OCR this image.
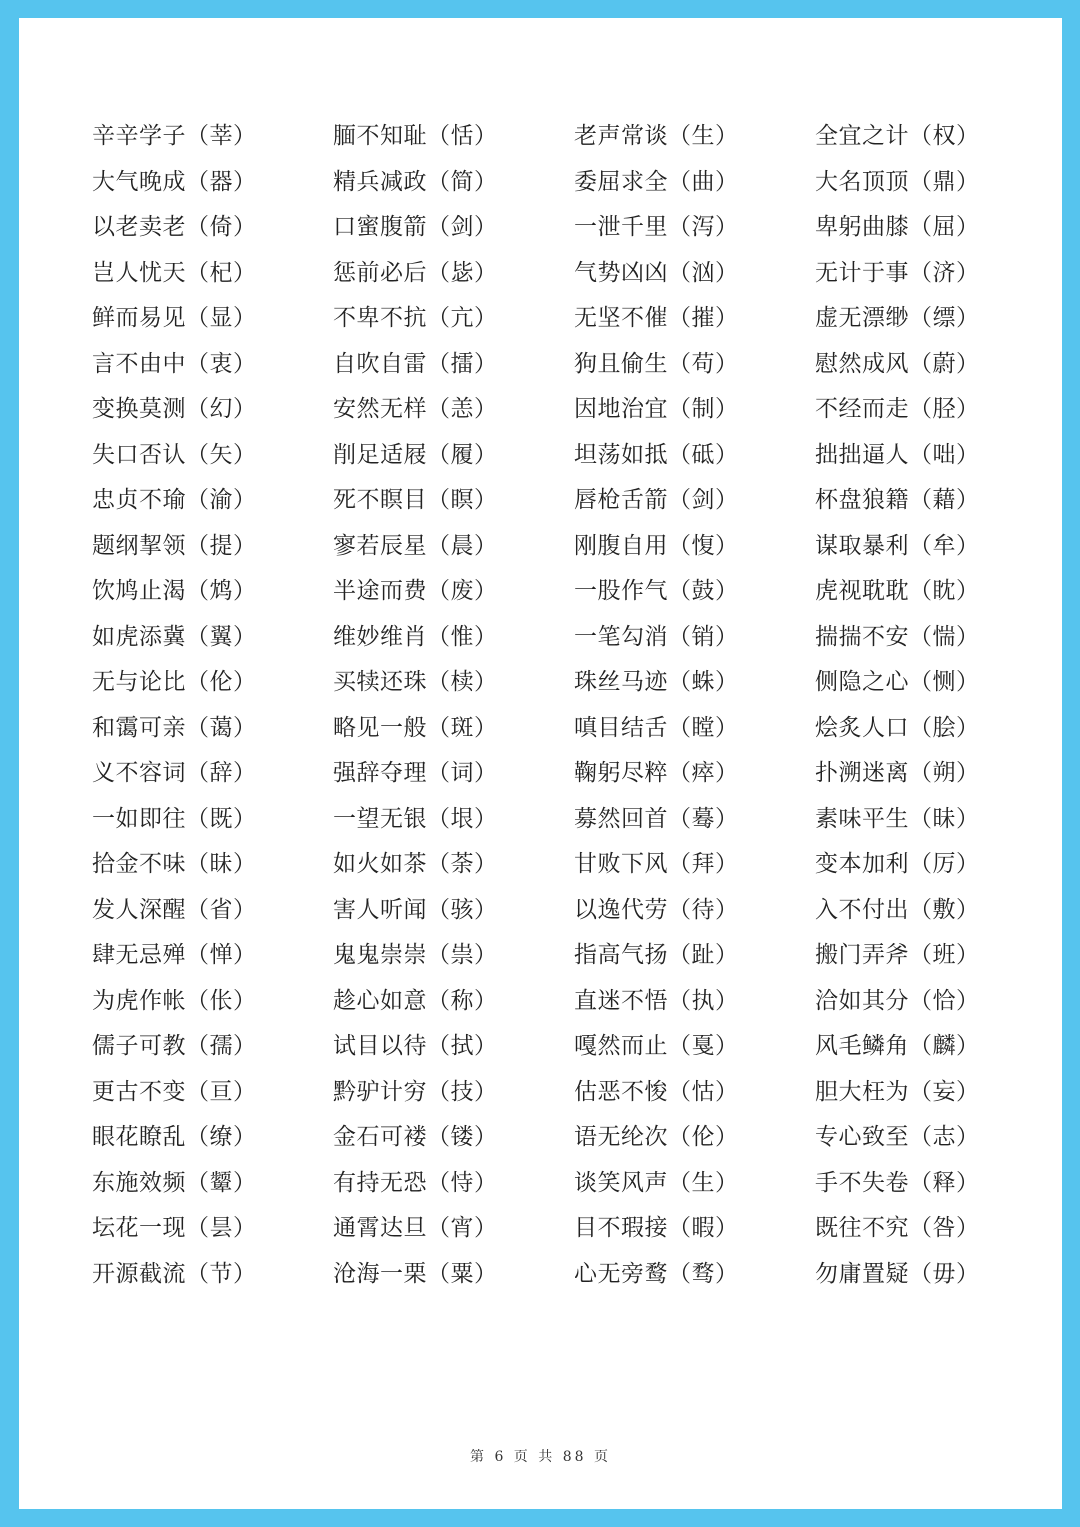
辛辛学子（莘）	腼不知耻（恬）	老声常谈（生）	全宜之计（权）
大气晚成（器）	精兵减政（简）	委屈求全（曲）	大名顶顶（鼎）
以老卖老（倚）	口蜜腹箭（剑）	一泄千里（泻）	卑躬曲膝（屈）
岂人忧天（杞）	惩前必后（毖）	气势凶凶（汹）	无计于事（济）
鲜而易见（显）	不卑不抗（亢）	无坚不催（摧）	虚无漂缈（缥）
言不由中（衷）	自吹自雷（擂）	狗且偷生（苟）	慰然成风（蔚）
变换莫测（幻）	安然无样（恙）	因地治宜（制）	不经而走（胫）
失口否认（矢）	削足适屐（履）	坦荡如抵（砥）	拙拙逼人（咄）
忠贞不瑜（渝）	死不瞑目（瞑）	唇枪舌箭（剑）	杯盘狼籍（藉）
题纲挈领（提）	寥若辰星（晨）	刚腹自用（愎）	谋取暴利（牟）
饮鸠止渴（鸩）	半途而费（废）	一股作气（鼓）	虎视耽耽（眈）
如虎添冀（翼）	维妙维肖（惟）	一笔勾消（销）	揣揣不安（惴）
无与论比（伦）	买犊还珠（椟）	珠丝马迹（蛛）	侧隐之心（恻）
和霭可亲（蔼）	略见一般（斑）	嗔目结舌（瞠）	烩炙人口（脍）
义不容词（辞）	强辞夺理（词）	鞠躬尽粹（瘁）	扑溯迷离（朔）
一如即往（既）	一望无银（垠）	募然回首（蓦）	素味平生（昧）
拾金不味（昧）	如火如茶（荼）	甘败下风（拜）	变本加利（厉）
发人深醒（省）	害人听闻（骇）	以逸代劳（待）	入不付出（敷）
肆无忌殚（惮）	鬼鬼崇崇（祟）	指高气扬（趾）	搬门弄斧（班）
为虎作帐（伥）	趁心如意（称）	直迷不悟（执）	洽如其分（恰）
儒子可教（孺）	试目以待（拭）	嘎然而止（戛）	风毛鳞角（麟）
更古不变（亘）	黔驴计穷（技）	估恶不悛（怙）	胆大枉为（妄）
眼花瞭乱（缭）	金石可褛（镂）	语无纶次（伦）	专心致至（志）
东施效频（颦）	有持无恐（恃）	谈笑风声（生）	手不失卷（释）
坛花一现（昙）	通霄达旦（宵）	目不瑕接（暇）	既往不究（咎）
开源截流（节）	沧海一栗（粟）	心无旁鹜（骛）	勿庸置疑（毋）
第 6 页 共 88 页
